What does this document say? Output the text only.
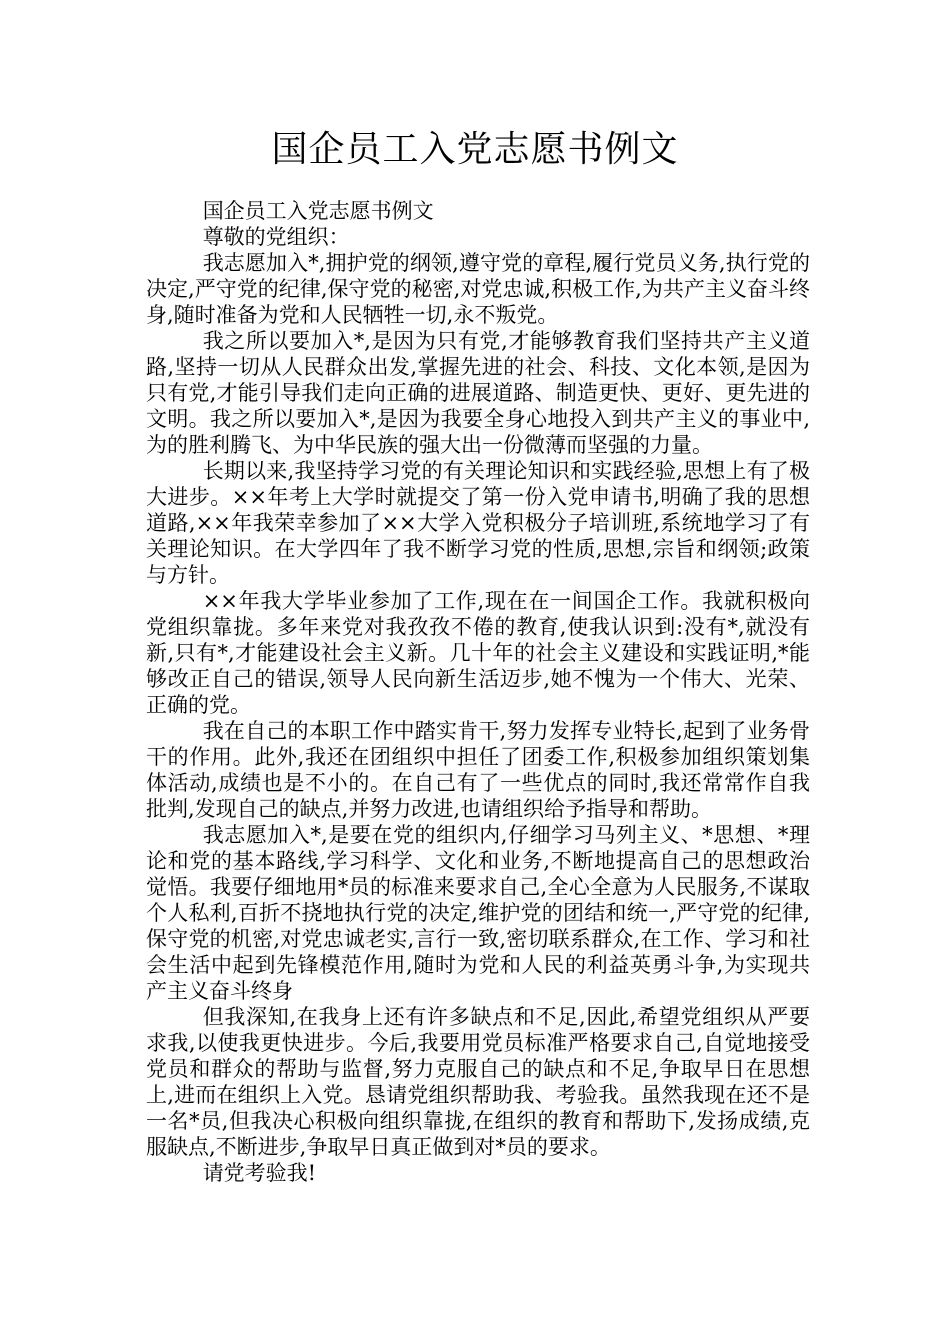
国企员工入党志愿书例文

国企员工入党志愿书例文

尊敬的党组织：

我志愿加入*,拥护党的纲领,遵守党的章程,履行党员义务,执行党的决定,严守党的纪律,保守党的秘密,对党忠诚,积极工作,为共产主义奋斗终身,随时准备为党和人民牺牲一切,永不叛党。

我之所以要加入*,是因为只有党,才能够教育我们坚持共产主义道路,坚持一切从人民群众出发,掌握先进的社会、科技、文化本领,是因为只有党,才能引导我们走向正确的进展道路、制造更快、更好、更先进的文明。我之所以要加入*,是因为我要全身心地投入到共产主义的事业中,为的胜利腾飞、为中华民族的强大出一份微薄而坚强的力量。

长期以来,我坚持学习党的有关理论知识和实践经验,思想上有了极大进步。××年考上大学时就提交了第一份入党申请书,明确了我的思想道路,××年我荣幸参加了××大学入党积极分子培训班,系统地学习了有关理论知识。在大学四年了我不断学习党的性质,思想,宗旨和纲领;政策与方针。

××年我大学毕业参加了工作,现在在一间国企工作。我就积极向党组织靠拢。多年来党对我孜孜不倦的教育,使我认识到:没有*,就没有新,只有*,才能建设社会主义新。几十年的社会主义建设和实践证明,*能够改正自己的错误,领导人民向新生活迈步,她不愧为一个伟大、光荣、正确的党。

我在自己的本职工作中踏实肯干,努力发挥专业特长,起到了业务骨干的作用。此外,我还在团组织中担任了团委工作,积极参加组织策划集体活动,成绩也是不小的。在自己有了一些优点的同时,我还常常作自我批判,发现自己的缺点,并努力改进,也请组织给予指导和帮助。

我志愿加入*,是要在党的组织内,仔细学习马列主义、*思想、*理论和党的基本路线,学习科学、文化和业务,不断地提高自己的思想政治觉悟。我要仔细地用*员的标准来要求自己,全心全意为人民服务,不谋取个人私利,百折不挠地执行党的决定,维护党的团结和统一,严守党的纪律,保守党的机密,对党忠诚老实,言行一致,密切联系群众,在工作、学习和社会生活中起到先锋模范作用,随时为党和人民的利益英勇斗争,为实现共产主义奋斗终身

但我深知,在我身上还有许多缺点和不足,因此,希望党组织从严要求我,以使我更快进步。今后,我要用党员标准严格要求自己,自觉地接受党员和群众的帮助与监督,努力克服自己的缺点和不足,争取早日在思想上,进而在组织上入党。恳请党组织帮助我、考验我。虽然我现在还不是一名*员,但我决心积极向组织靠拢,在组织的教育和帮助下,发扬成绩,克服缺点,不断进步,争取早日真正做到对*员的要求。

请党考验我!
